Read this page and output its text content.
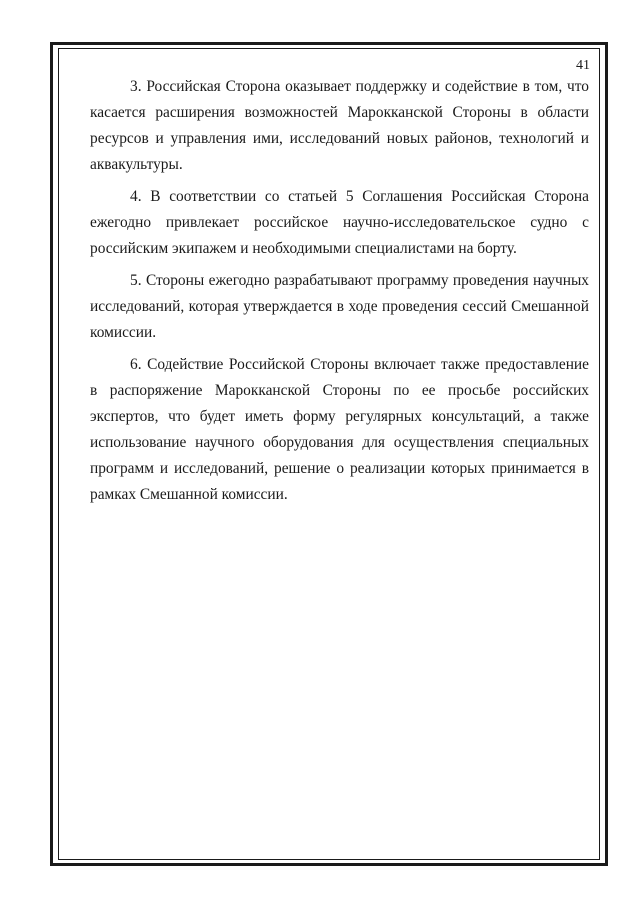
41

3. Российская Сторона оказывает поддержку и содействие в том, что касается расширения возможностей Марокканской Стороны в области ресурсов и управления ими, исследований новых районов, технологий и аквакультуры.

4. В соответствии со статьей 5 Соглашения Российская Сторона ежегодно привлекает российское научно-исследовательское судно с российским экипажем и необходимыми специалистами на борту.

5. Стороны ежегодно разрабатывают программу проведения научных исследований, которая утверждается в ходе проведения сессий Смешанной комиссии.

6. Содействие Российской Стороны включает также предоставление в распоряжение Марокканской Стороны по ее просьбе российских экспертов, что будет иметь форму регулярных консультаций, а также использование научного оборудования для осуществления специальных программ и исследований, решение о реализации которых принимается в рамках Смешанной комиссии.
